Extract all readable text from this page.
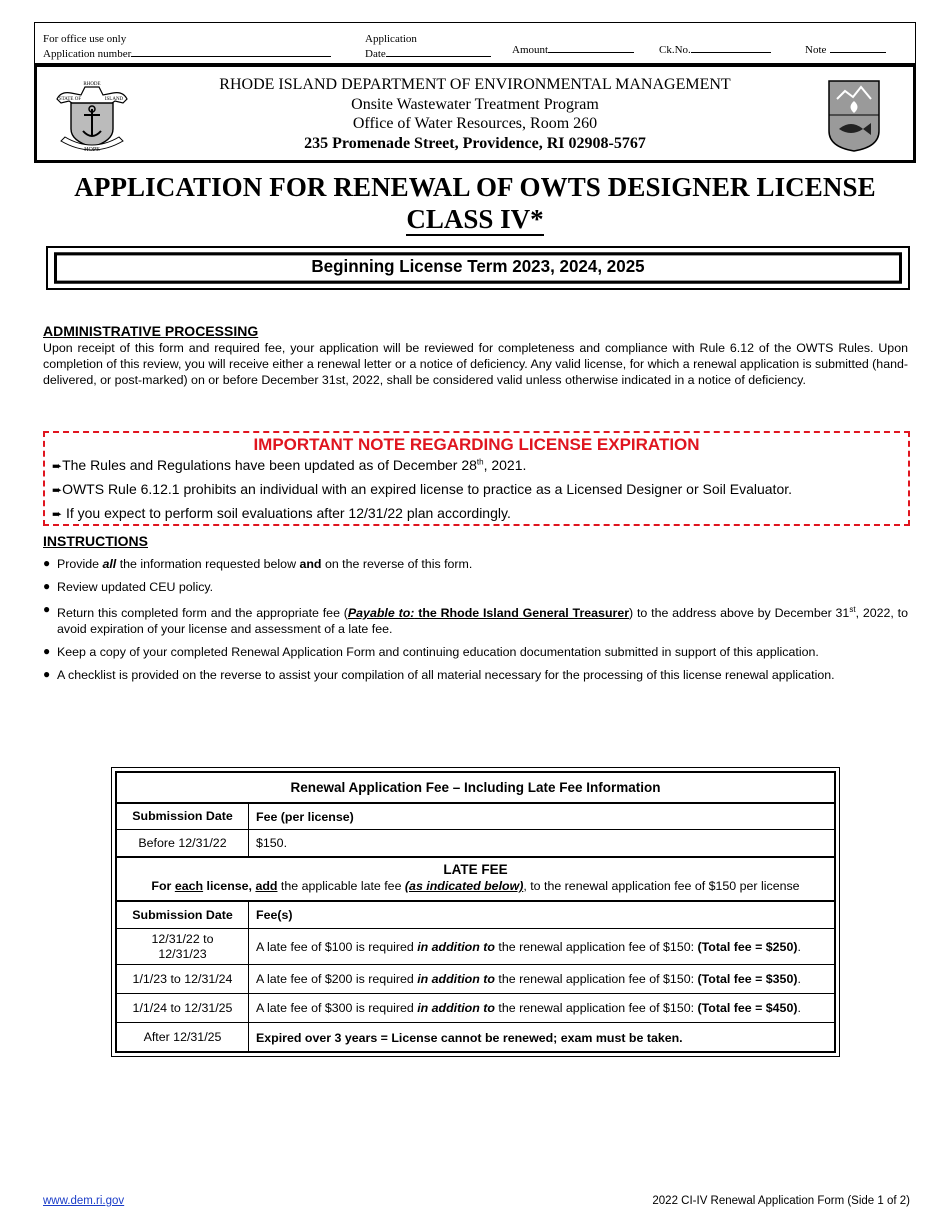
For office use only
Application number
Application
Date	Amount	Ck.No.	Note
HOPE
RHODE
STATE OF	ISLAND
RHODE ISLAND DEPARTMENT OF ENVIRONMENTAL MANAGEMENT
Onsite Wastewater Treatment Program
Office of Water Resources, Room 260
235 Promenade Street, Providence, RI 02908-5767
APPLICATION FOR RENEWAL OF OWTS DESIGNER LICENSE
CLASS IV*
Beginning License Term 2023, 2024, 2025
ADMINISTRATIVE PROCESSING
Upon receipt of this form and required fee, your application will be reviewed for completeness and compliance with Rule 6.12 of the OWTS Rules. Upon completion of this review, you will receive either a renewal letter or a notice of deficiency. Any valid license, for which a renewal application is submitted (hand-delivered, or post-marked) on or before December 31st, 2022, shall be considered valid unless otherwise indicated in a notice of deficiency.
IMPORTANT NOTE REGARDING LICENSE EXPIRATION
➨The Rules and Regulations have been updated as of December 28th, 2021.
➨OWTS Rule 6.12.1 prohibits an individual with an expired license to practice as a Licensed Designer or Soil Evaluator.
➨ If you expect to perform soil evaluations after 12/31/22 plan accordingly.
INSTRUCTIONS
● Provide all the information requested below and on the reverse of this form.
● Review updated CEU policy.
● Return this completed form and the appropriate fee (Payable to: the Rhode Island General Treasurer) to the address above by December 31st, 2022, to avoid expiration of your license and assessment of a late fee.
● Keep a copy of your completed Renewal Application Form and continuing education documentation submitted in support of this application.
● A checklist is provided on the reverse to assist your compilation of all material necessary for the processing of this license renewal application.
Renewal Application Fee – Including Late Fee Information
Submission Date	Fee (per license)
Before 12/31/22	$150.
LATE FEE
For each license, add the applicable late fee (as indicated below), to the renewal application fee of $150 per license
Submission Date	Fee(s)
12/31/22 to 12/31/23	A late fee of $100 is required in addition to the renewal application fee of $150: (Total fee = $250).
1/1/23 to 12/31/24	A late fee of $200 is required in addition to the renewal application fee of $150: (Total fee = $350).
1/1/24 to 12/31/25	A late fee of $300 is required in addition to the renewal application fee of $150: (Total fee = $450).
After 12/31/25	Expired over 3 years = License cannot be renewed; exam must be taken.
www.dem.ri.gov	2022 CI-IV Renewal Application Form (Side 1 of 2)
